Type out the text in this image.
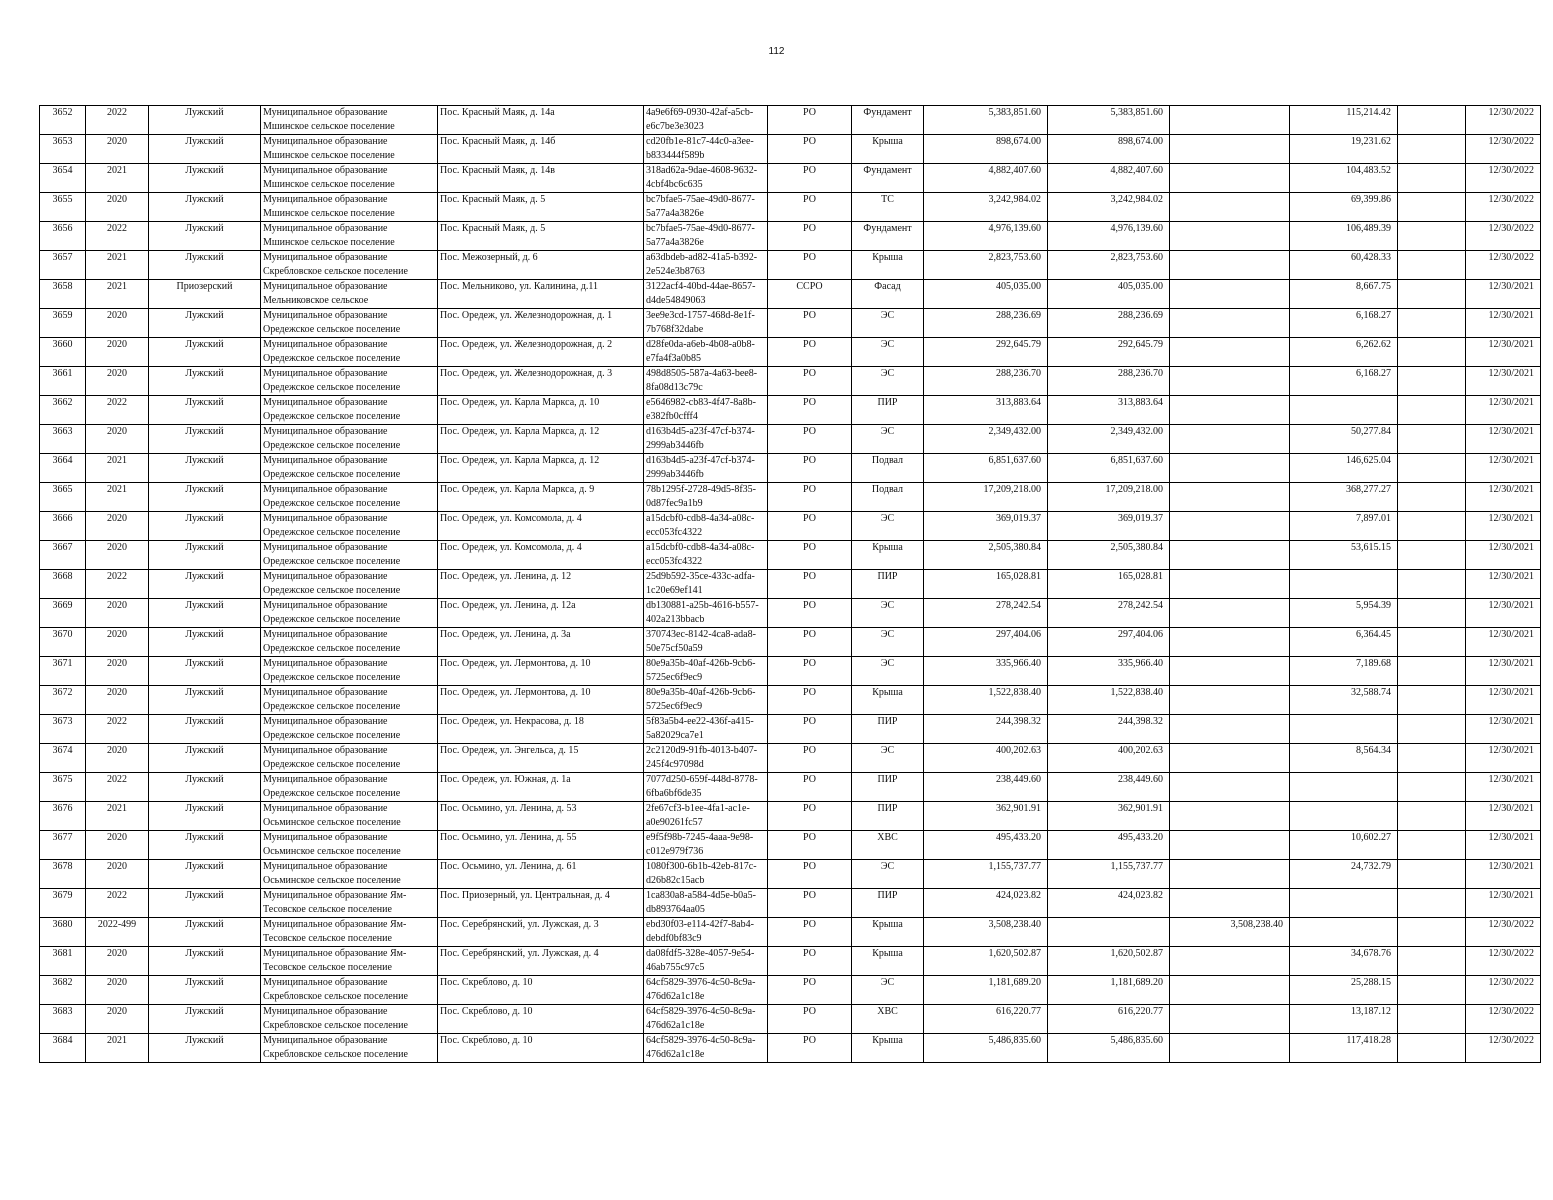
112
3652	2022	Лужский	Муниципальное образование Мшинское сельское поселение	Пос. Красный Маяк, д. 14а	4a9e6f69-0930-42af-a5cb-e6c7be3e3023	РО	Фундамент	5,383,851.60	5,383,851.60		115,214.42		12/30/2022
3653	2020	Лужский	Муниципальное образование Мшинское сельское поселение	Пос. Красный Маяк, д. 14б	cd20fb1e-81c7-44c0-a3ee-b833444f589b	РО	Крыша	898,674.00	898,674.00		19,231.62		12/30/2022
3654	2021	Лужский	Муниципальное образование Мшинское сельское поселение	Пос. Красный Маяк, д. 14в	318ad62a-9dae-4608-9632-4cbf4bc6c635	РО	Фундамент	4,882,407.60	4,882,407.60		104,483.52		12/30/2022
3655	2020	Лужский	Муниципальное образование Мшинское сельское поселение	Пос. Красный Маяк, д. 5	bc7bfae5-75ae-49d0-8677-5a77a4a3826e	РО	ТС	3,242,984.02	3,242,984.02		69,399.86		12/30/2022
3656	2022	Лужский	Муниципальное образование Мшинское сельское поселение	Пос. Красный Маяк, д. 5	bc7bfae5-75ae-49d0-8677-5a77a4a3826e	РО	Фундамент	4,976,139.60	4,976,139.60		106,489.39		12/30/2022
3657	2021	Лужский	Муниципальное образование Скребловское сельское поселение	Пос. Межозерный, д. 6	a63dbdeb-ad82-41a5-b392-2e524e3b8763	РО	Крыша	2,823,753.60	2,823,753.60		60,428.33		12/30/2022
3658	2021	Приозерский	Муниципальное образование Мельниковское сельское	Пос. Мельниково, ул. Калинина, д.11	3122acf4-40bd-44ae-8657-d4de54849063	ССРО	Фасад	405,035.00	405,035.00		8,667.75		12/30/2021
3659	2020	Лужский	Муниципальное образование Оредежское сельское поселение	Пос. Оредеж, ул. Железнодорожная, д. 1	3ee9e3cd-1757-468d-8e1f-7b768f32dabe	РО	ЭС	288,236.69	288,236.69		6,168.27		12/30/2021
3660	2020	Лужский	Муниципальное образование Оредежское сельское поселение	Пос. Оредеж, ул. Железнодорожная, д. 2	d28fe0da-a6eb-4b08-a0b8-e7fa4f3a0b85	РО	ЭС	292,645.79	292,645.79		6,262.62		12/30/2021
3661	2020	Лужский	Муниципальное образование Оредежское сельское поселение	Пос. Оредеж, ул. Железнодорожная, д. 3	498d8505-587a-4a63-bee8-8fa08d13c79c	РО	ЭС	288,236.70	288,236.70		6,168.27		12/30/2021
3662	2022	Лужский	Муниципальное образование Оредежское сельское поселение	Пос. Оредеж, ул. Карла Маркса, д. 10	e5646982-cb83-4f47-8a8b-e382fb0cfff4	РО	ПИР	313,883.64	313,883.64				12/30/2021
3663	2020	Лужский	Муниципальное образование Оредежское сельское поселение	Пос. Оредеж, ул. Карла Маркса, д. 12	d163b4d5-a23f-47cf-b374-2999ab3446fb	РО	ЭС	2,349,432.00	2,349,432.00		50,277.84		12/30/2021
3664	2021	Лужский	Муниципальное образование Оредежское сельское поселение	Пос. Оредеж, ул. Карла Маркса, д. 12	d163b4d5-a23f-47cf-b374-2999ab3446fb	РО	Подвал	6,851,637.60	6,851,637.60		146,625.04		12/30/2021
3665	2021	Лужский	Муниципальное образование Оредежское сельское поселение	Пос. Оредеж, ул. Карла Маркса, д. 9	78b1295f-2728-49d5-8f35-0d87fec9a1b9	РО	Подвал	17,209,218.00	17,209,218.00		368,277.27		12/30/2021
3666	2020	Лужский	Муниципальное образование Оредежское сельское поселение	Пос. Оредеж, ул. Комсомола, д. 4	a15dcbf0-cdb8-4a34-a08c-ecc053fc4322	РО	ЭС	369,019.37	369,019.37		7,897.01		12/30/2021
3667	2020	Лужский	Муниципальное образование Оредежское сельское поселение	Пос. Оредеж, ул. Комсомола, д. 4	a15dcbf0-cdb8-4a34-a08c-ecc053fc4322	РО	Крыша	2,505,380.84	2,505,380.84		53,615.15		12/30/2021
3668	2022	Лужский	Муниципальное образование Оредежское сельское поселение	Пос. Оредеж, ул. Ленина, д. 12	25d9b592-35ce-433c-adfa-1c20e69ef141	РО	ПИР	165,028.81	165,028.81				12/30/2021
3669	2020	Лужский	Муниципальное образование Оредежское сельское поселение	Пос. Оредеж, ул. Ленина, д. 12а	db130881-a25b-4616-b557-402a213bbacb	РО	ЭС	278,242.54	278,242.54		5,954.39		12/30/2021
3670	2020	Лужский	Муниципальное образование Оредежское сельское поселение	Пос. Оредеж, ул. Ленина, д. 3а	370743ec-8142-4ca8-ada8-50e75cf50a59	РО	ЭС	297,404.06	297,404.06		6,364.45		12/30/2021
3671	2020	Лужский	Муниципальное образование Оредежское сельское поселение	Пос. Оредеж, ул. Лермонтова, д. 10	80e9a35b-40af-426b-9cb6-5725ec6f9ec9	РО	ЭС	335,966.40	335,966.40		7,189.68		12/30/2021
3672	2020	Лужский	Муниципальное образование Оредежское сельское поселение	Пос. Оредеж, ул. Лермонтова, д. 10	80e9a35b-40af-426b-9cb6-5725ec6f9ec9	РО	Крыша	1,522,838.40	1,522,838.40		32,588.74		12/30/2021
3673	2022	Лужский	Муниципальное образование Оредежское сельское поселение	Пос. Оредеж, ул. Некрасова, д. 18	5f83a5b4-ee22-436f-a415-5a82029ca7e1	РО	ПИР	244,398.32	244,398.32				12/30/2021
3674	2020	Лужский	Муниципальное образование Оредежское сельское поселение	Пос. Оредеж, ул. Энгельса, д. 15	2c2120d9-91fb-4013-b407-245f4c97098d	РО	ЭС	400,202.63	400,202.63		8,564.34		12/30/2021
3675	2022	Лужский	Муниципальное образование Оредежское сельское поселение	Пос. Оредеж, ул. Южная, д. 1а	7077d250-659f-448d-8778-6fba6bf6de35	РО	ПИР	238,449.60	238,449.60				12/30/2021
3676	2021	Лужский	Муниципальное образование Осьминское сельское поселение	Пос. Осьмино, ул. Ленина, д. 53	2fe67cf3-b1ee-4fa1-ac1e-a0e90261fc57	РО	ПИР	362,901.91	362,901.91				12/30/2021
3677	2020	Лужский	Муниципальное образование Осьминское сельское поселение	Пос. Осьмино, ул. Ленина, д. 55	e9f5f98b-7245-4aaa-9e98-c012e979f736	РО	ХВС	495,433.20	495,433.20		10,602.27		12/30/2021
3678	2020	Лужский	Муниципальное образование Осьминское сельское поселение	Пос. Осьмино, ул. Ленина, д. 61	1080f300-6b1b-42eb-817c-d26b82c15acb	РО	ЭС	1,155,737.77	1,155,737.77		24,732.79		12/30/2021
3679	2022	Лужский	Муниципальное образование Ям-Тесовское сельское поселение	Пос. Приозерный, ул. Центральная, д. 4	1ca830a8-a584-4d5e-b0a5-db893764aa05	РО	ПИР	424,023.82	424,023.82				12/30/2021
3680	2022-499	Лужский	Муниципальное образование Ям-Тесовское сельское поселение	Пос. Серебрянский, ул. Лужская, д. 3	ebd30f03-e114-42f7-8ab4-debdf0bf83c9	РО	Крыша	3,508,238.40		3,508,238.40			12/30/2022
3681	2020	Лужский	Муниципальное образование Ям-Тесовское сельское поселение	Пос. Серебрянский, ул. Лужская, д. 4	da08fdf5-328e-4057-9e54-46ab755c97c5	РО	Крыша	1,620,502.87	1,620,502.87		34,678.76		12/30/2022
3682	2020	Лужский	Муниципальное образование Скребловское сельское поселение	Пос. Скреблово, д. 10	64cf5829-3976-4c50-8c9a-476d62a1c18e	РО	ЭС	1,181,689.20	1,181,689.20		25,288.15		12/30/2022
3683	2020	Лужский	Муниципальное образование Скребловское сельское поселение	Пос. Скреблово, д. 10	64cf5829-3976-4c50-8c9a-476d62a1c18e	РО	ХВС	616,220.77	616,220.77		13,187.12		12/30/2022
3684	2021	Лужский	Муниципальное образование Скребловское сельское поселение	Пос. Скреблово, д. 10	64cf5829-3976-4c50-8c9a-476d62a1c18e	РО	Крыша	5,486,835.60	5,486,835.60		117,418.28		12/30/2022
